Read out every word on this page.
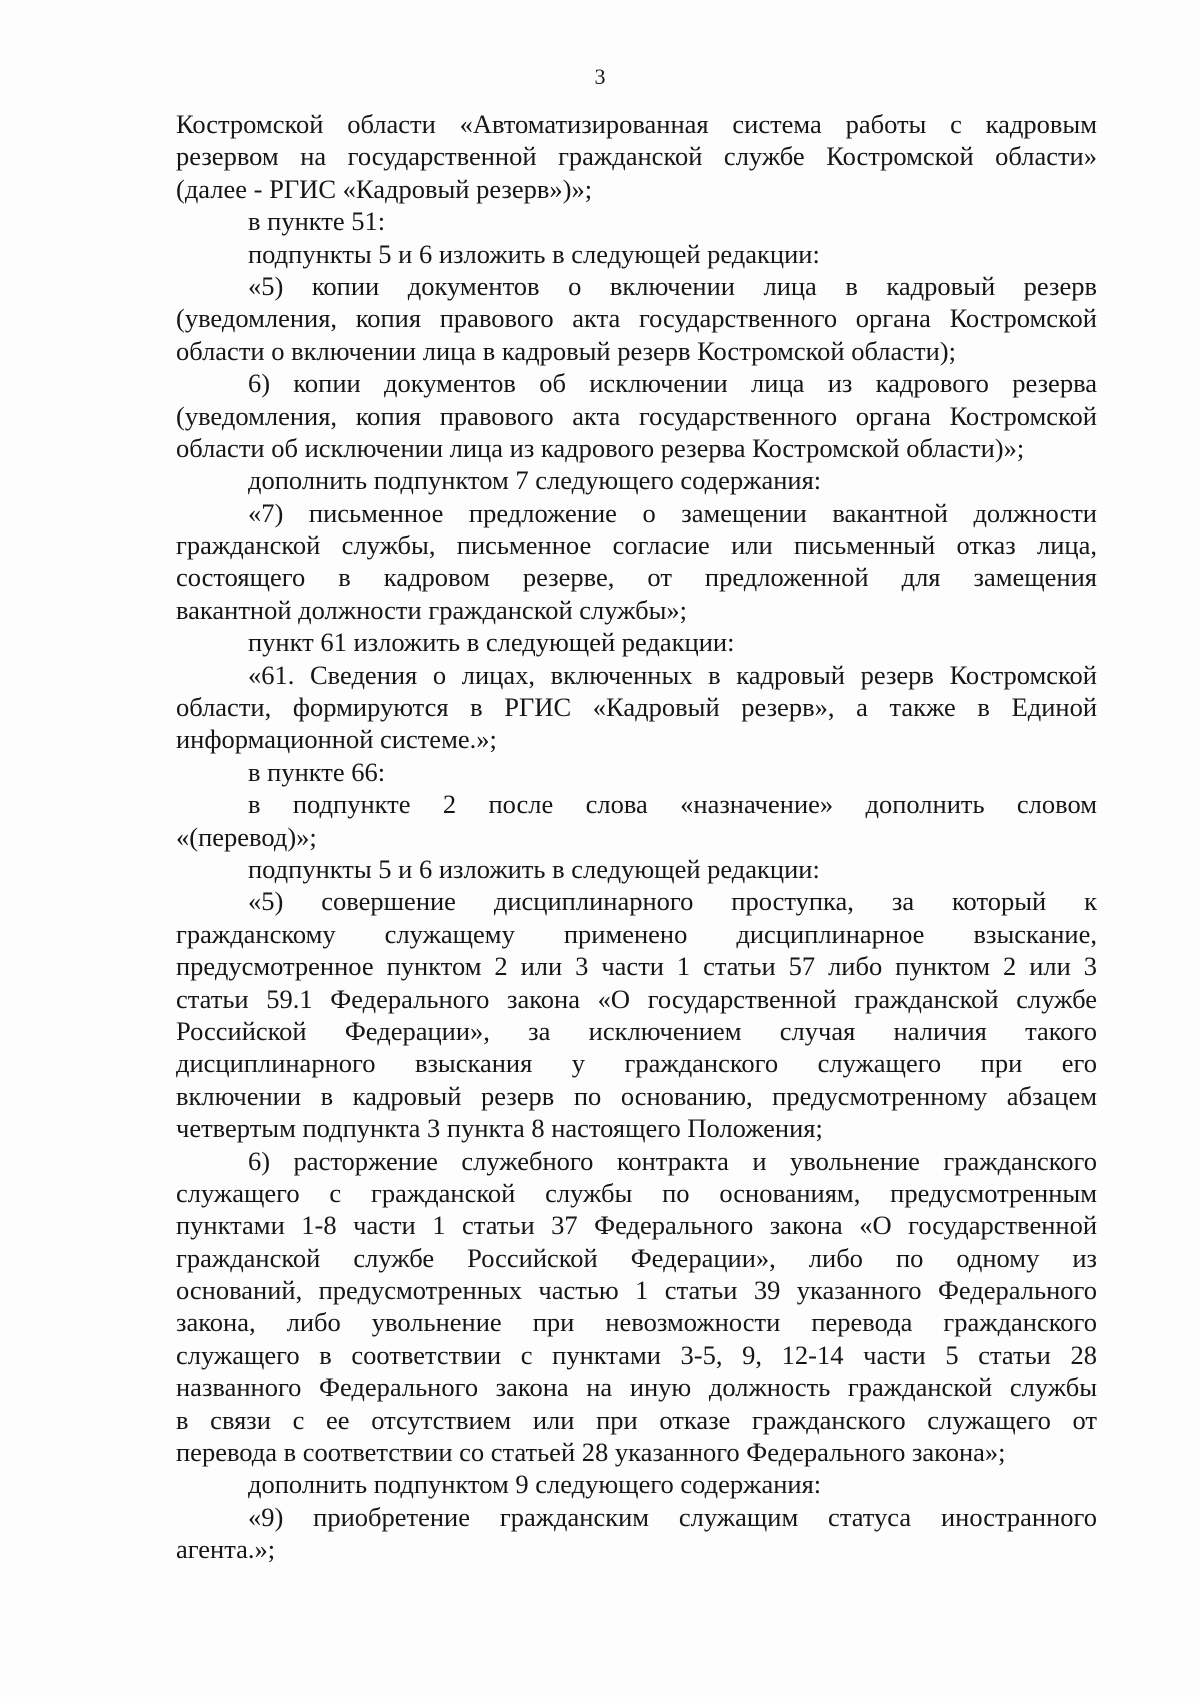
3
Костромской области «Автоматизированная система работы с кадровым
резервом на государственной гражданской службе Костромской области»
(далее - РГИС «Кадровый резерв»)»;
в пункте 51:
подпункты 5 и 6 изложить в следующей редакции:
«5) копии документов о включении лица в кадровый резерв
(уведомления, копия правового акта государственного органа Костромской
области о включении лица в кадровый резерв Костромской области);
6) копии документов об исключении лица из кадрового резерва
(уведомления, копия правового акта государственного органа Костромской
области об исключении лица из кадрового резерва Костромской области)»;
дополнить подпунктом 7 следующего содержания:
«7) письменное предложение о замещении вакантной должности
гражданской службы, письменное согласие или письменный отказ лица,
состоящего в кадровом резерве, от предложенной для замещения
вакантной должности гражданской службы»;
пункт 61 изложить в следующей редакции:
«61. Сведения о лицах, включенных в кадровый резерв Костромской
области, формируются в РГИС «Кадровый резерв», а также в Единой
информационной системе.»;
в пункте 66:
в подпункте 2 после слова «назначение» дополнить словом
«(перевод)»;
подпункты 5 и 6 изложить в следующей редакции:
«5) совершение дисциплинарного проступка, за который к
гражданскому служащему применено дисциплинарное взыскание,
предусмотренное пунктом 2 или 3 части 1 статьи 57 либо пунктом 2 или 3
статьи 59.1 Федерального закона «О государственной гражданской службе
Российской Федерации», за исключением случая наличия такого
дисциплинарного взыскания у гражданского служащего при его
включении в кадровый резерв по основанию, предусмотренному абзацем
четвертым подпункта 3 пункта 8 настоящего Положения;
6) расторжение служебного контракта и увольнение гражданского
служащего с гражданской службы по основаниям, предусмотренным
пунктами 1-8 части 1 статьи 37 Федерального закона «О государственной
гражданской службе Российской Федерации», либо по одному из
оснований, предусмотренных частью 1 статьи 39 указанного Федерального
закона, либо увольнение при невозможности перевода гражданского
служащего в соответствии с пунктами 3-5, 9, 12-14 части 5 статьи 28
названного Федерального закона на иную должность гражданской службы
в связи с ее отсутствием или при отказе гражданского служащего от
перевода в соответствии со статьей 28 указанного Федерального закона»;
дополнить подпунктом 9 следующего содержания:
«9) приобретение гражданским служащим статуса иностранного
агента.»;
